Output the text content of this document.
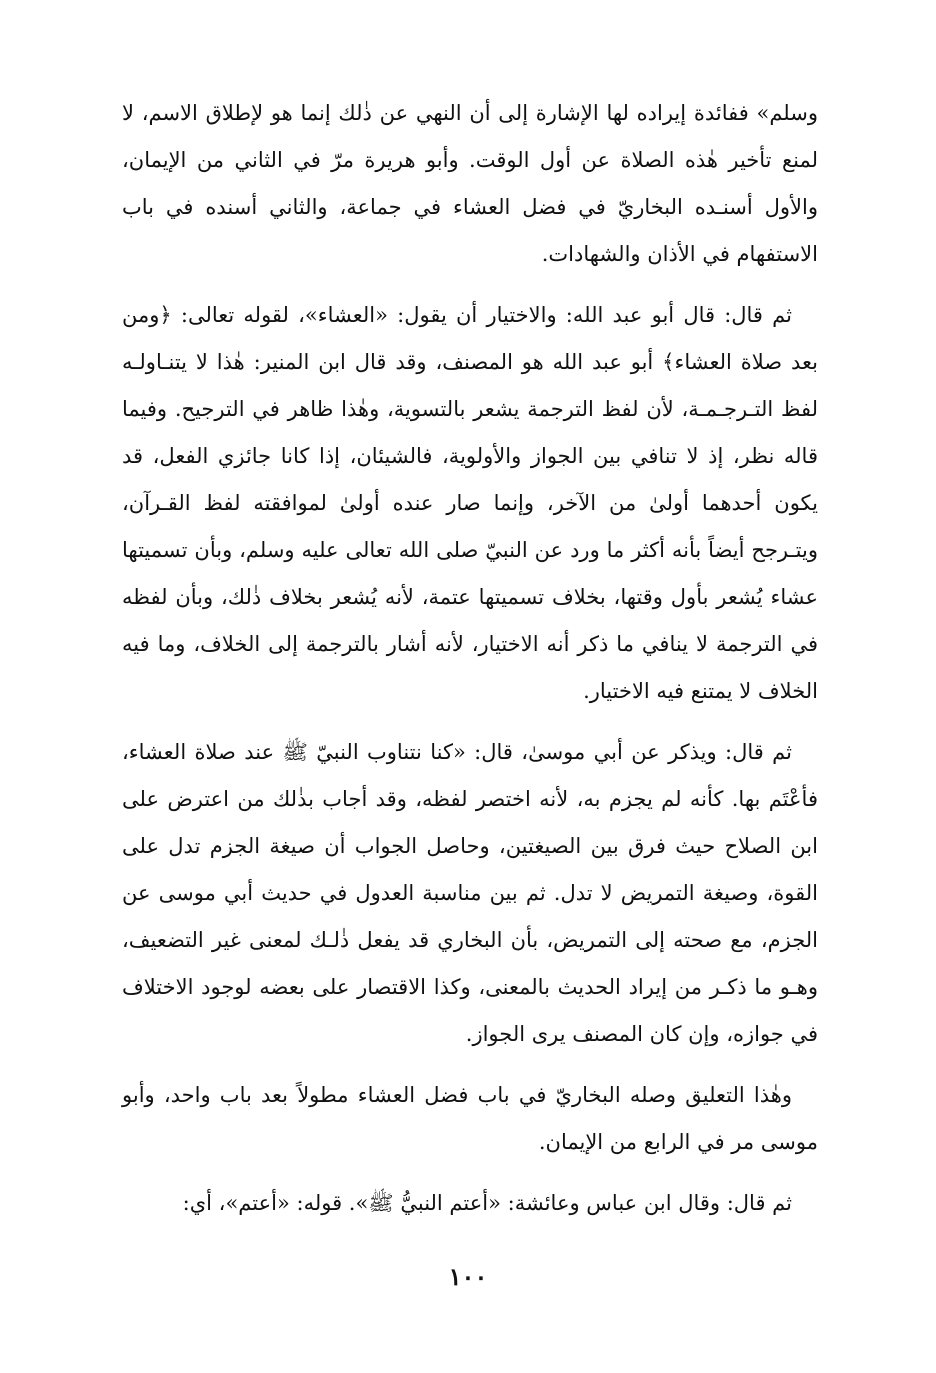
وسلم» ففائدة إيراده لها الإشارة إلى أن النهي عن ذٰلك إنما هو لإطلاق الاسم، لا لمنع تأخير هٰذه الصلاة عن أول الوقت. وأبو هريرة مرّ في الثاني من الإيمان، والأول أسنـده البخاريّ في فضل العشاء في جماعة، والثاني أسنده في باب الاستفهام في الأذان والشهادات.

ثم قال: قال أبو عبد الله: والاختيار أن يقول: «العشاء»، لقوله تعالى: ﴿ومن بعد صلاة العشاء﴾ أبو عبد الله هو المصنف، وقد قال ابن المنير: هٰذا لا يتنـاولـه لفظ التـرجـمـة، لأن لفظ الترجمة يشعر بالتسوية، وهٰذا ظاهر في الترجيح. وفيما قاله نظر، إذ لا تنافي بين الجواز والأولوية، فالشيئان، إذا كانا جائزي الفعل، قد يكون أحدهما أولىٰ من الآخر، وإنما صار عنده أولىٰ لموافقته لفظ القـرآن، ويتـرجح أيضاً بأنه أكثر ما ورد عن النبيّ صلى الله تعالى عليه وسلم، وبأن تسميتها عشاء يُشعر بأول وقتها، بخلاف تسميتها عتمة، لأنه يُشعر بخلاف ذٰلك، وبأن لفظه في الترجمة لا ينافي ما ذكر أنه الاختيار، لأنه أشار بالترجمة إلى الخلاف، وما فيه الخلاف لا يمتنع فيه الاختيار.

ثم قال: ويذكر عن أبي موسىٰ، قال: «كنا نتناوب النبيّ ﷺ عند صلاة العشاء، فأعْتَم بها. كأنه لم يجزم به، لأنه اختصر لفظه، وقد أجاب بذٰلك من اعترض على ابن الصلاح حيث فرق بين الصيغتين، وحاصل الجواب أن صيغة الجزم تدل على القوة، وصيغة التمريض لا تدل. ثم بين مناسبة العدول في حديث أبي موسى عن الجزم، مع صحته إلى التمريض، بأن البخاري قد يفعل ذٰلـك لمعنى غير التضعيف، وهـو ما ذكـر من إيراد الحديث بالمعنى، وكذا الاقتصار على بعضه لوجود الاختلاف في جوازه، وإن كان المصنف يرى الجواز.

وهٰذا التعليق وصله البخاريّ في باب فضل العشاء مطولاً بعد باب واحد، وأبو موسى مر في الرابع من الإيمان.

ثم قال: وقال ابن عباس وعائشة: «أعتم النبيُّ ﷺ». قوله: «أعتم»، أي:

١٠٠
